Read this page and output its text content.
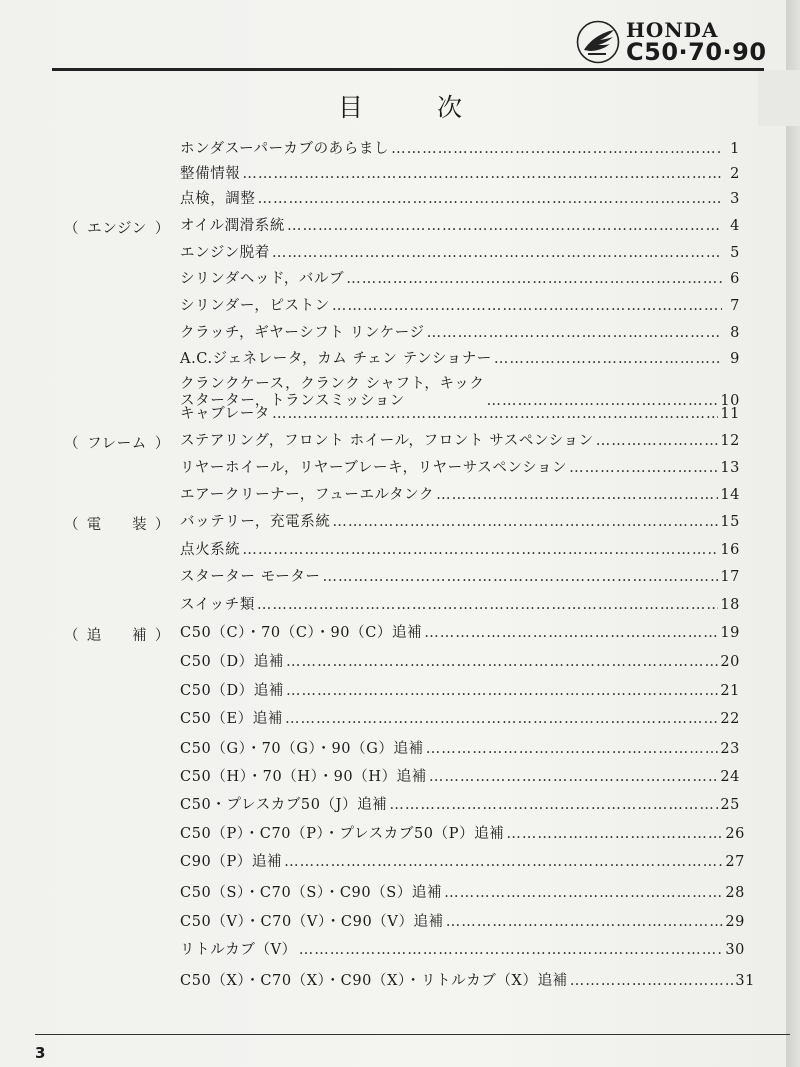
HONDA
C50·70·90
目次
ホンダスーパーカブのあらまし ……………………………………………………………………………………………………………………………………………………	1
整備情報 ……………………………………………………………………………………………………………………………………………………	2
点検，調整 ……………………………………………………………………………………………………………………………………………………	3
オイル潤滑系統 ……………………………………………………………………………………………………………………………………………………	4
エンジン脱着 ……………………………………………………………………………………………………………………………………………………	5
シリンダヘッド，バルブ ……………………………………………………………………………………………………………………………………………………	6
シリンダー，ピストン ……………………………………………………………………………………………………………………………………………………	7
クラッチ，ギヤーシフト リンケージ ……………………………………………………………………………………………………………………………………………………	8
A.C.ジェネレータ，カム チェン テンショナー ……………………………………………………………………………………………………………………………………………………	9
クランクケース，クランク シャフト，キック
スターター，トランスミッション ……………………………………………………………………………………………………………………………………………………	10
キャブレータ ……………………………………………………………………………………………………………………………………………………	11
ステアリング，フロント ホイール，フロント サスペンション ……………………………………………………………………………………………………………………………………………………	12
リヤーホイール，リヤーブレーキ，リヤーサスペンション ……………………………………………………………………………………………………………………………………………………	13
エアークリーナー，フューエルタンク ……………………………………………………………………………………………………………………………………………………	14
バッテリー，充電系統 ……………………………………………………………………………………………………………………………………………………	15
点火系統 ……………………………………………………………………………………………………………………………………………………	16
スターター モーター ……………………………………………………………………………………………………………………………………………………	17
スイッチ類 ……………………………………………………………………………………………………………………………………………………	18
C50（C）・70（C）・90（C）追補 ……………………………………………………………………………………………………………………………………………………	19
C50（D）追補 ……………………………………………………………………………………………………………………………………………………	20
C50（D）追補 ……………………………………………………………………………………………………………………………………………………	21
C50（E）追補 ……………………………………………………………………………………………………………………………………………………	22
C50（G）・70（G）・90（G）追補 ……………………………………………………………………………………………………………………………………………………	23
C50（H）・70（H）・90（H）追補 ……………………………………………………………………………………………………………………………………………………	24
C50・プレスカブ50（J）追補 ……………………………………………………………………………………………………………………………………………………	25
C50（P）・C70（P）・プレスカブ50（P）追補 ……………………………………………………………………………………………………………………………………………………	26
C90（P）追補 ……………………………………………………………………………………………………………………………………………………	27
C50（S）・C70（S）・C90（S）追補 ……………………………………………………………………………………………………………………………………………………	28
C50（V）・C70（V）・C90（V）追補 ……………………………………………………………………………………………………………………………………………………	29
リトルカブ（V） ……………………………………………………………………………………………………………………………………………………	30
C50（X）・C70（X）・C90（X）・リトルカブ（X）追補 ……………………………………………………………………………………………………………………………………………………	31
（ エンジン ）
（ フレーム ）
（ 電　　装 ）
（ 追　　補 ）
3
